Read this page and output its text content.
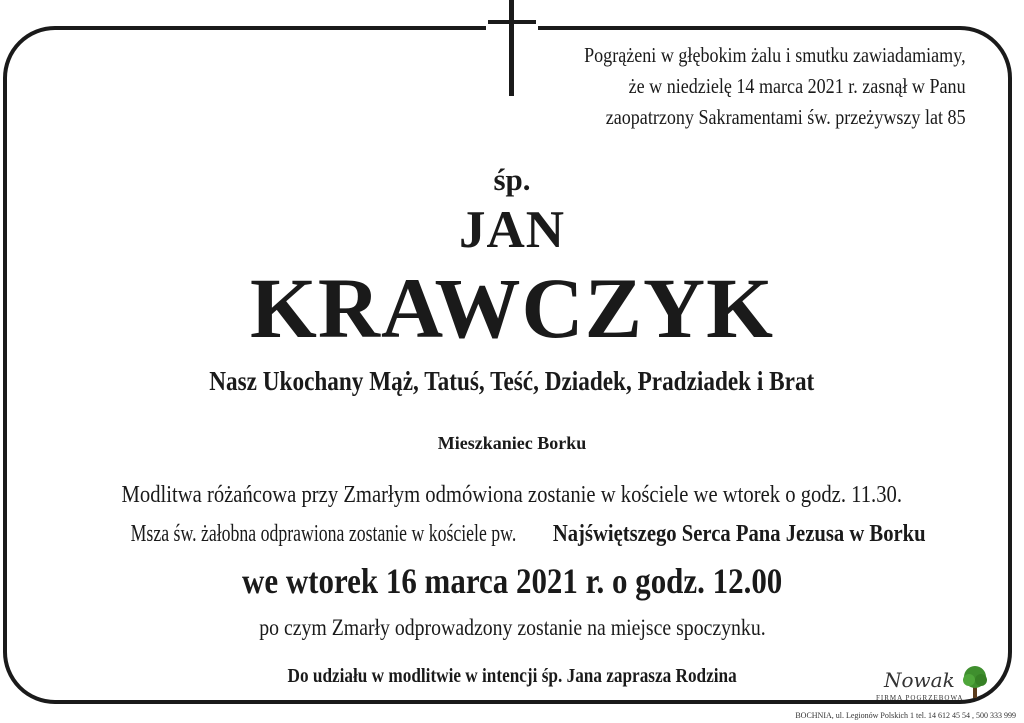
Pogrążeni w głębokim żalu i smutku zawiadamiamy,
że w niedzielę 14 marca 2021 r. zasnął w Panu
zaopatrzony Sakramentami św. przeżywszy lat 85
śp.
JAN
KRAWCZYK
Nasz Ukochany Mąż, Tatuś, Teść, Dziadek, Pradziadek i Brat
Mieszkaniec Borku
Modlitwa różańcowa przy Zmarłym odmówiona zostanie w kościele we wtorek o godz. 11.30.
Msza św. żałobna odprawiona zostanie w kościele pw. Najświętszego Serca Pana Jezusa w Borku
we wtorek 16 marca 2021 r. o godz. 12.00
po czym Zmarły odprowadzony zostanie na miejsce spoczynku.
Do udziału w modlitwie w intencji śp. Jana zaprasza Rodzina	Nowak
FIRMA POGRZEBOWA
BOCHNIA, ul. Legionów Polskich 1 tel. 14 612 45 54 , 500 333 999
